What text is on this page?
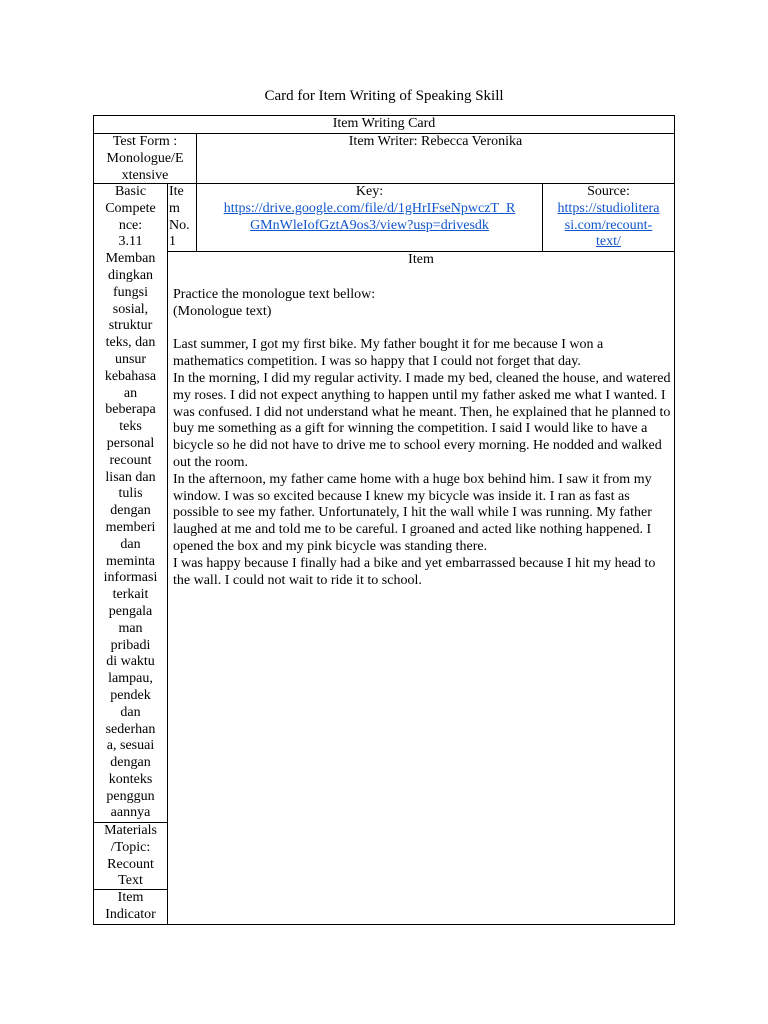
Card for Item Writing of Speaking Skill
Item Writing Card
Test Form :
Monologue/E
xtensive
Item Writer: Rebecca Veronika
Basic
Compete
nce:
3.11
Memban
dingkan
fungsi
sosial,
struktur
teks, dan
unsur
kebahasa
an
beberapa
teks
personal
recount
lisan dan
tulis
dengan
memberi
dan
meminta
informasi
terkait
pengala
man
pribadi
di waktu
lampau,
pendek
dan
sederhan
a, sesuai
dengan
konteks
penggun
aannya
Ite
m
No.
1
Key:
https://drive.google.com/file/d/1gHrIFseNpwczT_R
GMnWleIofGztA9os3/view?usp=drivesdk
Source:
https://studiolitera
si.com/recount-
text/
Item

Practice the monologue text bellow:

(Monologue text)

Last summer, I got my first bike. My father bought it for me because I won a mathematics competition. I was so happy that I could not forget that day.

In the morning, I did my regular activity. I made my bed, cleaned the house, and watered my roses. I did not expect anything to happen until my father asked me what I wanted. I was confused. I did not understand what he meant. Then, he explained that he planned to buy me something as a gift for winning the competition. I said I would like to have a bicycle so he did not have to drive me to school every morning. He nodded and walked out the room.

In the afternoon, my father came home with a huge box behind him. I saw it from my window. I was so excited because I knew my bicycle was inside it. I ran as fast as possible to see my father. Unfortunately, I hit the wall while I was running. My father laughed at me and told me to be careful. I groaned and acted like nothing happened. I opened the box and my pink bicycle was standing there.

I was happy because I finally had a bike and yet embarrassed because I hit my head to the wall. I could not wait to ride it to school.

Materials
/Topic:
Recount
Text
Item
Indicator
